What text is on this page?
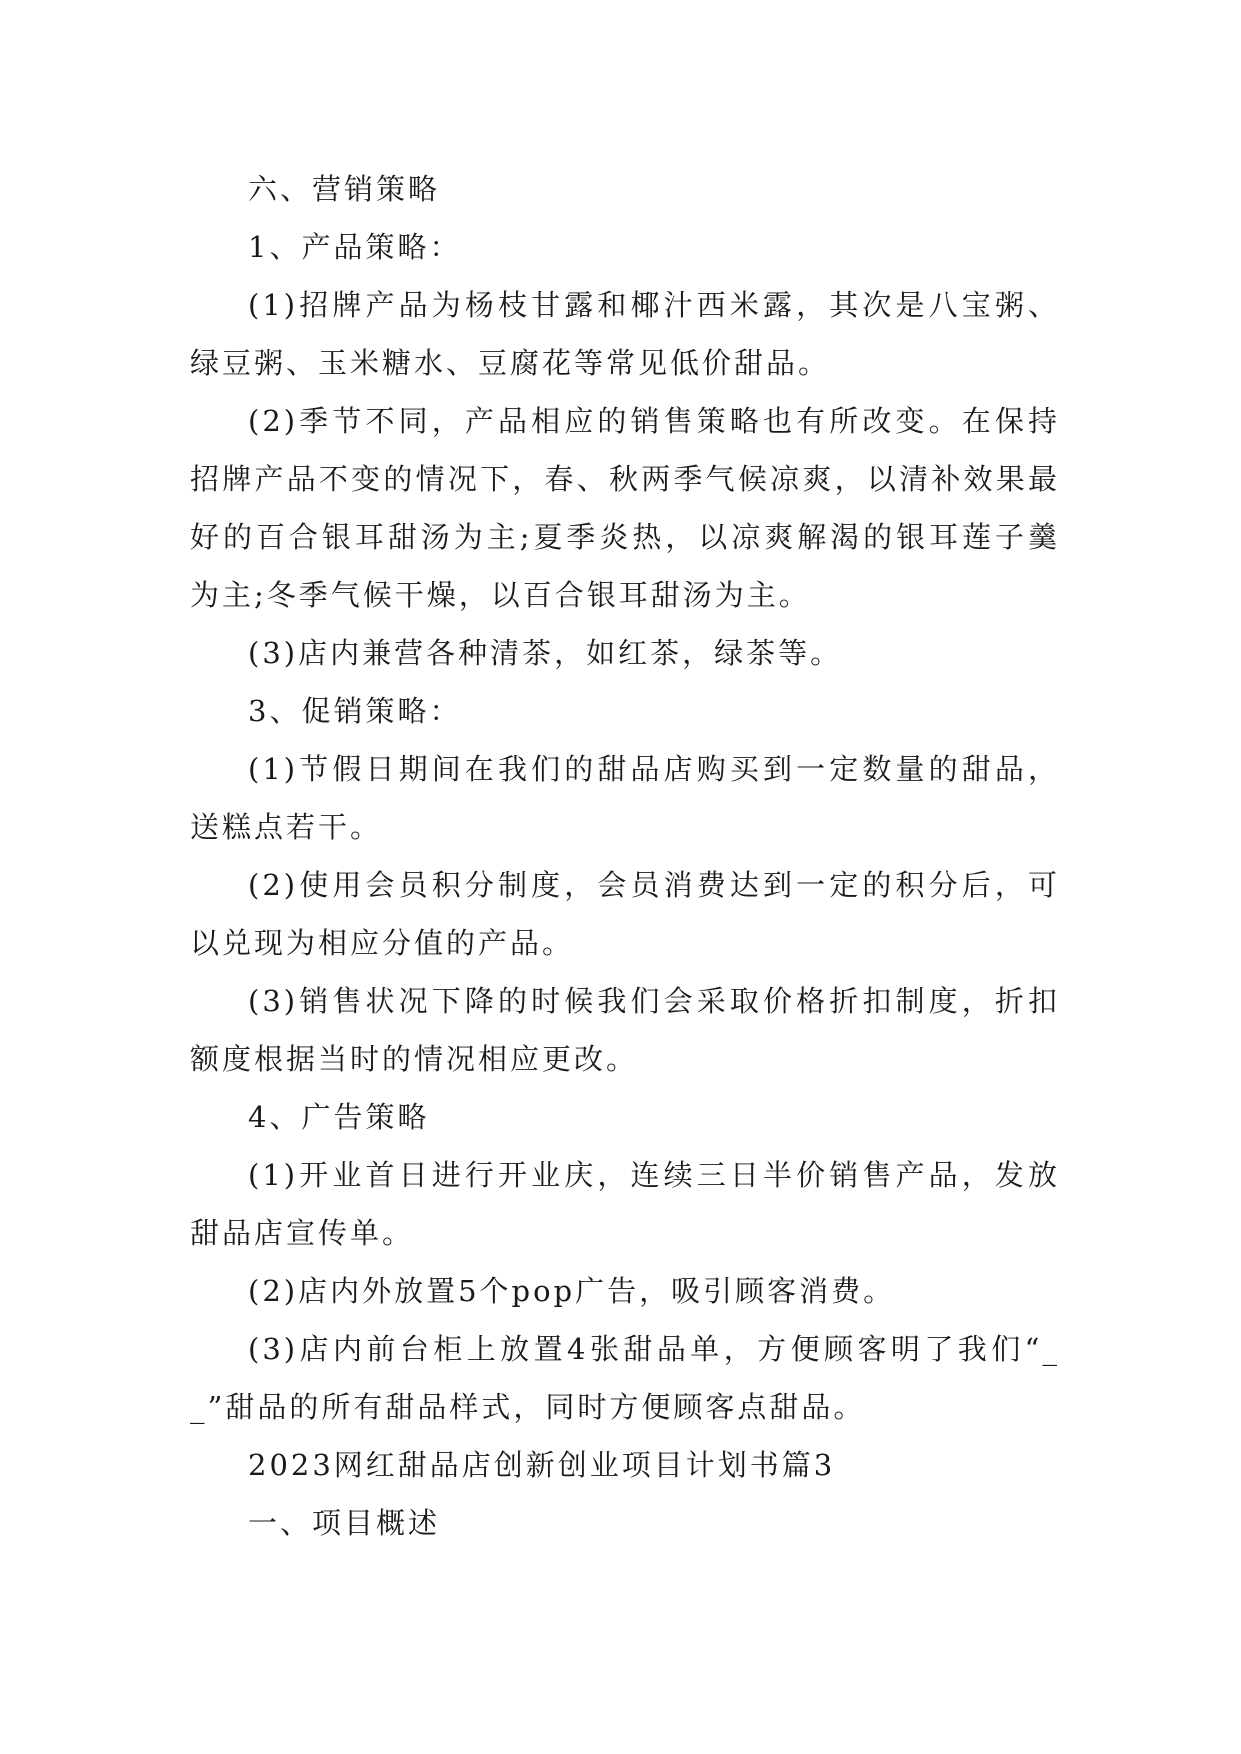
六、营销策略

1、产品策略：

(1)招牌产品为杨枝甘露和椰汁西米露，其次是八宝粥、绿豆粥、玉米糖水、豆腐花等常见低价甜品。

(2)季节不同，产品相应的销售策略也有所改变。在保持招牌产品不变的情况下，春、秋两季气候凉爽，以清补效果最好的百合银耳甜汤为主;夏季炎热，以凉爽解渴的银耳莲子羹为主;冬季气候干燥，以百合银耳甜汤为主。

(3)店内兼营各种清茶，如红茶，绿茶等。

3、促销策略：

(1)节假日期间在我们的甜品店购买到一定数量的甜品，送糕点若干。

(2)使用会员积分制度，会员消费达到一定的积分后，可以兑现为相应分值的产品。

(3)销售状况下降的时候我们会采取价格折扣制度，折扣额度根据当时的情况相应更改。

4、广告策略

(1)开业首日进行开业庆，连续三日半价销售产品，发放甜品店宣传单。

(2)店内外放置5个pop广告，吸引顾客消费。

(3)店内前台柜上放置4张甜品单，方便顾客明了我们“__”甜品的所有甜品样式，同时方便顾客点甜品。

2023网红甜品店创新创业项目计划书篇3

一、项目概述
